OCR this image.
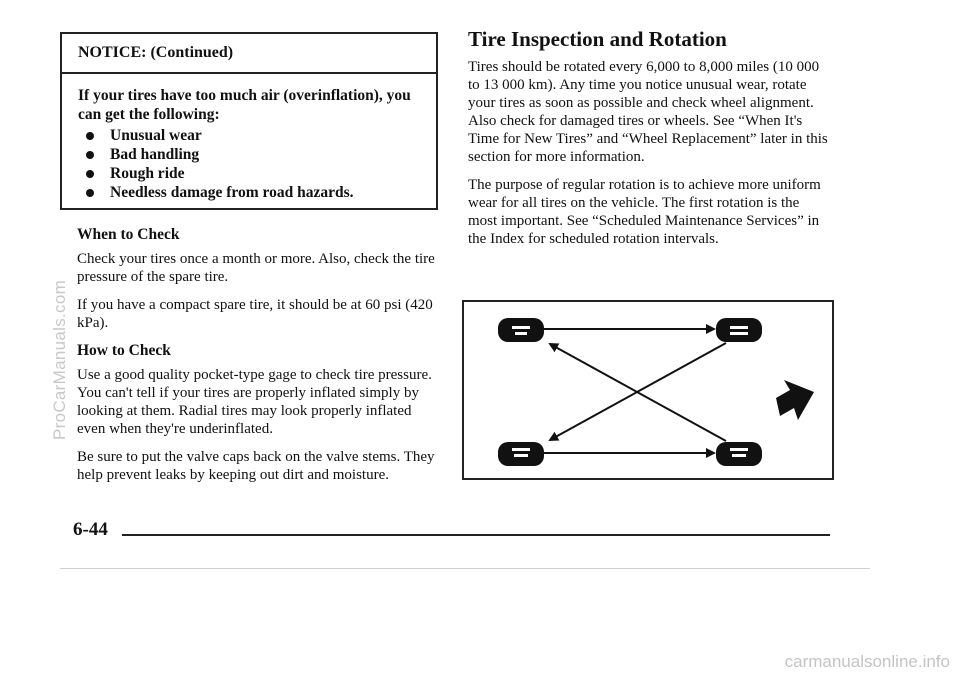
ProCarManuals.com
NOTICE: (Continued)
If your tires have too much air (overinflation), you can get the following:
Unusual wear
Bad handling
Rough ride
Needless damage from road hazards.
When to Check

Check your tires once a month or more. Also, check the tire pressure of the spare tire.

If you have a compact spare tire, it should be at 60 psi (420 kPa).

How to Check

Use a good quality pocket-type gage to check tire pressure. You can't tell if your tires are properly inflated simply by looking at them. Radial tires may look properly inflated even when they're underinflated.

Be sure to put the valve caps back on the valve stems. They help prevent leaks by keeping out dirt and moisture.

Tire Inspection and Rotation

Tires should be rotated every 6,000 to 8,000 miles (10 000 to 13 000 km). Any time you notice unusual wear, rotate your tires as soon as possible and check wheel alignment. Also check for damaged tires or wheels. See “When It's Time for New Tires” and “Wheel Replacement” later in this section for more information.

The purpose of regular rotation is to achieve more uniform wear for all tires on the vehicle. The first rotation is the most important. See “Scheduled Maintenance Services” in the Index for scheduled rotation intervals.

6-44
carmanualsonline.info
